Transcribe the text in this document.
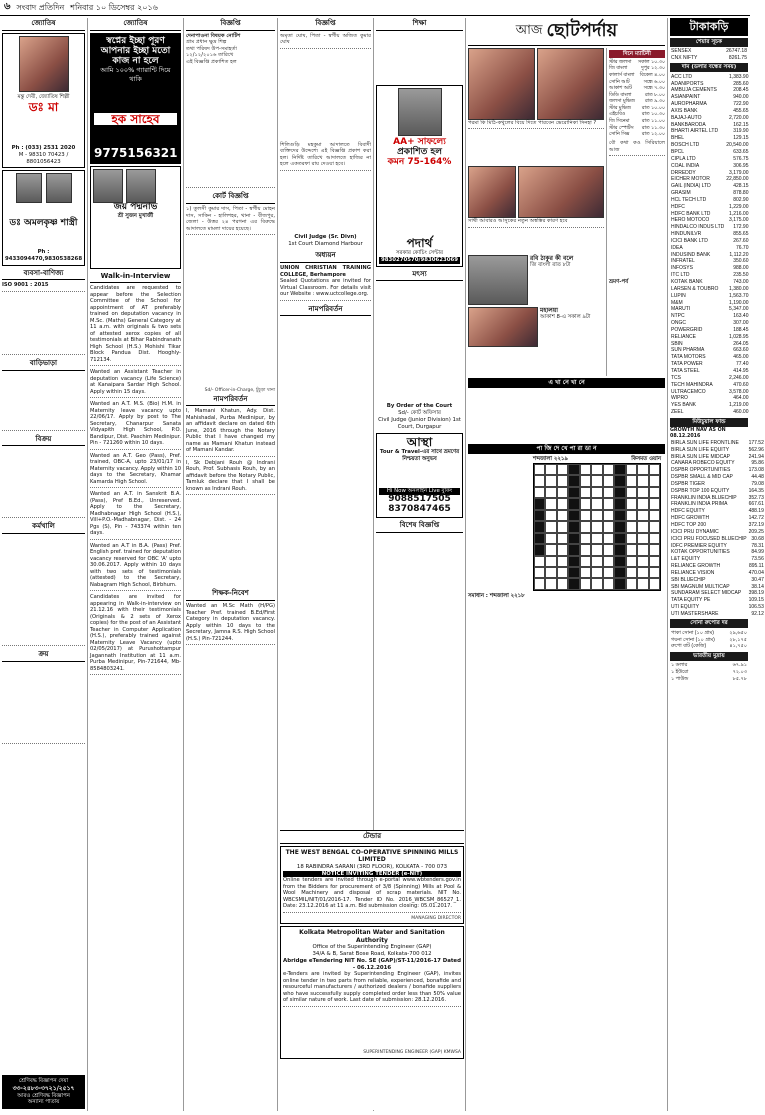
৬ সংবাদ প্রতিদিন শনিবার ১০ ডিসেম্বর ২০১৬
জ্যোতিষ
মম্তু দেবী, জ্যোতিষ শিল্পী
ডঃ মা
Ph : (033) 2531 2020
M - 98310 70423 / 8801056423
ডঃ অমলকৃষ্ণ শাস্ত্রী
Ph : 9433094470,9830538268
ব্যবসা-বাণিজ্য
ISO 9001 : 2015
বাড়িভাড়া
বিক্রয়
কর্মখালি
ক্রয়
শ্রেণিবদ্ধ বিজ্ঞাপন দেয়া
৩৩-২৪৮৩-৩৭২১/২৫১৭
আরও শ্রেণিবদ্ধ বিজ্ঞাপন
অন্যান্য পাতায়
জ্যোতিষ
স্বপ্নের ইচ্ছা পূরণ
আপনার ইচ্ছা মতো
কাজ না হলে
আমি ১০০% গ্যারান্টি দিয়ে থাকি
হক সাহেব
9775156321
জয় পদ্মনাভ
শ্রী সুজন মুখার্জী
Walk-in-Interview
Candidates are requested to appear before the Selection Committee of the School for appointment of AT preferably trained on deputation vacancy in M.Sc. (Maths) General Category at 11 a.m. with originals & two sets of attested xerox copies of all testimonials at Bihar Rabindranath High School (H.S.) Mohishi Tikar Block Pandua Dist. Hooghly-712134.
Wanted an Assistant Teacher in deputation vacancy (Life Science) at Kanaipara Sardar High School. Apply within 15 days.
Wanted an A.T. M.S. (Bio) H.M. in Maternity leave vacancy upto 22/06/17. Apply by post to The Secretary, Chanarpur Sanata Vidyapith High School, P.O. Bandipur, Dist. Paschim Medinipur. Pin - 721260 within 10 days.
Wanted an A.T. Geo (Pass), Pref. trained, OBC-A, upto 23/01/17 in Maternity vacancy. Apply within 10 days to the Secretary, Khamar Kamarda High School.
Wanted an A.T. in Sanskrit B.A. (Pass), Pref B.Ed., Unreserved. Apply to the Secretary, Madhabnagar High School (H.S.), Vill+P.O.-Madhabnagar, Dist. - 24 Pgs (S), Pin - 743374 within ten days.
Wanted an A.T in B.A. (Pass) Pref. English pref. trained for deputation vacancy reserved for OBC 'A' upto 30.06.2017. Apply within 10 days with two sets of testimonials (attested) to the Secretary, Nabagram High School, Birbhum.
Candidates are invited for appearing in Walk-in-interview on 21.12.16 with their testimonials (Originals & 2 sets of Xerox copies) for the post of an Assistant Teacher in Computer Application (H.S.), preferably trained against Maternity Leave Vacancy (upto 02/05/2017) at Purushottampur Jagannath Institution at 11 a.m. Purba Medinipur, Pin-721644, Mb-8584803241.
বিজ্ঞপ্তি
দেনাপাওনা বিষয়ক নোটিশ
গ্রাম প্রধান ক্ষুদ্র শিল্প
তথা পরিষদ উপ-সমাহর্তা
১২/১২/২০১৬ তারিখে
এই বিজ্ঞপ্তি প্রকাশিত হল
কোর্ট বিজ্ঞপ্তি
১) তুলসী কুমার দাস, পিতা - স্বর্গীয় মোহন দাস, সাকিন - হালিশহর, থানা - বীজপুর, জেলা - উত্তর ২৪ পরগনা এর বিরুদ্ধে আদালতে মামলা দায়ের হয়েছে।
Sd/- Officer-in-Charge, চুঁচুড়া থানা
নামপরিবর্তন
I, Mamani Khatun, Ady. Dist. Mahishadal, Purba Medinipur, by an affidavit declare on dated 6th June, 2016 through the Notary Public that I have changed my name as Mamani Khatun instead of Mamani Kandar.
I, Sk Debjani Rouh @ Indrani Rouh, Prof. Subhasis Rouh, by an affidavit before the Notary Public, Tamluk declare that I shall be known as Indrani Rouh.
শিক্ষক-নিবেশ
Wanted an M.Sc Math (H/PG) Teacher Pref. trained B.Ed/First Category in deputation vacancy. Apply within 10 days to the Secretary, Jamna R.S. High School (H.S.) Pin-721244.
বিজ্ঞপ্তি
অমৃতা ঘোষ, পিতা - স্বর্গীয় অজিত কুমার ঘোষ
শিলিগুড়ি মহকুমা আদালতে বিবাদী ব্যক্তিদের উদ্দেশ্যে এই বিজ্ঞপ্তি প্রকাশ করা হল। নির্দিষ্ট তারিখে আদালতে হাজির না হলে একতরফা রায় দেওয়া হবে।
Civil Judge (Sr. Divn)
1st Court Diamond Harbour
অধ্যয়ন
UNION CHRISTIAN TRAINING COLLEGE, Berhampore
Sealed Quotations are invited for Virtual Classroom. For details visit our Website : www.uctcollege.org.
নামপরিবর্তন
শিক্ষা
AA+ সাফল্যে
প্রকাশিত হল
কমন 75-164%
পদার্থ
সরকার কোচিং সেন্টার
9830270570/9830623069
মৎস্য
By Order of the Court
Sd/- কোর্ট অফিসার
Civil Judge (Junior Division) 1st Court, Durgapur
আস্থা
Tour & Travel-এর সাথে ভ্রমণের নিশ্চয়তা অনুভব
Hi Now অনলাইন Live বুকিং
9088517505
8370847465
বিশেষ বিজ্ঞপ্তি
টেন্ডার
THE WEST BENGAL CO-OPERATIVE SPINNING MILLS LIMITED
18 RABINDRA SARANI (3RD FLOOR), KOLKATA - 700 073
NOTICE INVITING TENDER (e-NIT)
Online tenders are invited through e-portal www.wbtenders.gov.in from the Bidders for procurement of 3/8 (Spinning) Mills at Pool & Wool Machinery and disposal of scrap materials. NIT No. WBCSMIL/NIT/01/2016-17. Tender ID No. 2016_WBCSM_86527_1. Date: 23.12.2016 at 11 a.m. Bid submission closing: 05.01.2017.
MANAGING DIRECTOR
Kolkata Metropolitan Water and Sanitation Authority
Office of the Superintending Engineer (GAP)
34/A & B, Sarat Bose Road, Kolkata-700 012
Abridge eTendering NIT No. SE (GAP)/ST-11/2016-17 Dated - 06.12.2016
e-Tenders are invited by Superintending Engineer (GAP), invites online tender in two parts from reliable, experienced, bonafide and resourceful manufacturers / authorized dealers / bonafide suppliers who have successfully supply completed order less than 50% value of similar nature of work. Last date of submission: 28.12.2016.
SUPERINTENDING ENGINEER (GAP) KMWSA
আজ ছোটপর্দায়
পরমা কি মিঠি-কথুলের বিয়ে দিতে পারবেন ভেরোনিকা সিনহা ?
সাথী আবারও আসুকের নতুন অস্বস্তির কারণ হবে
রবি ঠাকুর কী বলে
জি বাংলা রাত ৮টা
মহালয়া
আকাশ 8-এ সকাল ৯টা
দিনে ম্যাটিনী
স্টার জলসা সকাল ১০.৩০
জি বাংলা	দুপুর ১২.৩০
কালার্স বাংলা বিকেল ৪.০০
সোনি আট	সন্ধে ৬.০০
আকাশ আট সন্ধে ৭.৩০
ডিডি বাংলা	রাত ৮.০০
জলসা মুভিজ রাত ৯.৩০
স্টার মুভিজ রাত ১০.০০
এইচবিও	রাত ১০.৩০
জি সিনেমা	রাত ১১.০০
স্টার স্পোর্টস রাত ১১.৩০
সোনি সিক্স	রাত ১২.০০
বৌ কথা কও সিরিয়ালে আজ
ভ্রমণ-পর্ব
এ খা নে খা নে
পা জি দে খে পা রা ডা ন
শব্দজালা ২২১৯	কিসমত ওয়ান
সমাধান : শব্দজালা ২২১৮
টাকাকড়ি
শেয়ার সূচক
SENSEX	26747.18
CNX NIFTY	8261.75
দাম (ডলার বন্ধের সময়)
ACC LTD	1,383.90
ADANIPORTS	285.60
AMBUJA CEMENTS	208.45
ASIANPAINT	940.00
AUROPHARMA	722.90
AXIS BANK	455.65
BAJAJ-AUTO	2,720.00
BANKBARODA	162.15
BHARTI AIRTEL LTD	319.90
BHEL	129.15
BOSCH LTD	20,540.00
BPCL	633.65
CIPLA LTD	576.75
COAL INDIA	306.95
DRREDDY	3,179.00
EICHER MOTOR	22,850.00
GAIL (INDIA) LTD	428.15
GRASIM	878.80
HCL TECH LTD	802.90
HDFC	1,229.00
HDFC BANK LTD	1,216.00
HERO MOTOCO	3,175.00
HINDALCO INDUS LTD	172.90
HINDUNILVR	855.65
ICICI BANK LTD	267.60
IDEA	76.70
INDUSIND BANK	1,112.20
INFRATEL	350.60
INFOSYS	988.00
ITC LTD	235.50
KOTAK BANK	743.00
LARSEN & TOUBRO	1,380.00
LUPIN	1,563.70
M&M	1,190.00
MARUTI	5,347.00
NTPC	163.40
ONGC	307.00
POWERGRID	188.45
RELIANCE	1,028.95
SBIN	264.05
SUN PHARMA	663.60
TATA MOTORS	465.00
TATA POWER	77.40
TATA STEEL	414.95
TCS	2,246.00
TECH MAHINDRA	470.60
ULTRACEMCO	3,578.00
WIPRO	464.00
YES BANK	1,219.00
ZEEL	460.00
মিউচুয়াল ফান্ড
GROWTH NAV AS ON 08.12.2016
BIRLA SUN LIFE FRONTLINE	177.52
BIRLA SUN LIFE EQUITY	562.96
BIRLA SUN LIFE MIDCAP	241.94
CANARA ROBECO EQUITY	95.86
DSPBR OPPORTUNITIES	173.08
DSPBR SMALL & MID CAP	44.48
DSPBR TIGER	79.08
DSPBR TOP 100 EQUITY	164.35
FRANKLIN INDIA BLUECHIP	352.73
FRANKLIN INDIA PRIMA	667.61
HDFC EQUITY	488.19
HDFC GROWTH	142.72
HDFC TOP 200	372.19
ICICI PRU DYNAMIC	209.25
ICICI PRU FOCUSED BLUECHIP	30.68
IDFC PREMIER EQUITY	78.31
KOTAK OPPORTUNITIES	84.99
L&T EQUITY	73.56
RELIANCE GROWTH	895.11
RELIANCE VISION	470.04
SBI BLUECHIP	30.47
SBI MAGNUM MULTICAP	38.14
SUNDARAM SELECT MIDCAP	398.19
TATA EQUITY PE	109.15
UTI EQUITY	106.53
UTI MASTERSHARE	92.12
সোনা রুপোর দর
পাকা সোনা (১০ গ্রাম)	২৯,৬৫০
গয়না সোনা (১০ গ্রাম)	২৮,১৭৫
রুপো বাট (কেজি)	৪১,৭৫০
ভারতীয় মুদ্রায়
১ ডলার	৬৭.৯১
১ ইউরো	৭২.০৩
১ পাউন্ড	৮৫.৭৮
